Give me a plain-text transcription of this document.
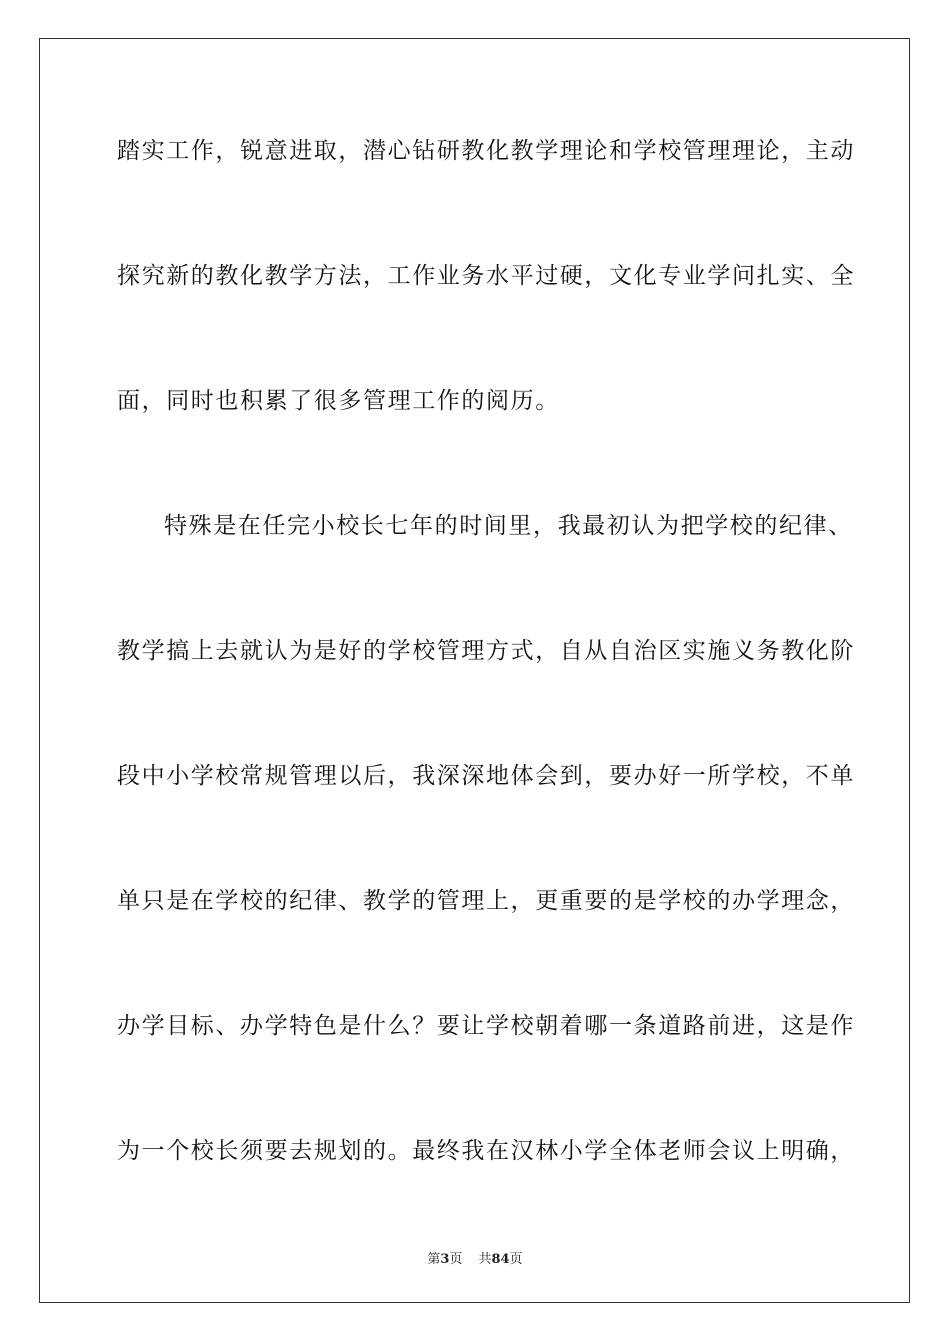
踏实工作，锐意进取，潜心钻研教化教学理论和学校管理理论，主动
探究新的教化教学方法，工作业务水平过硬，文化专业学问扎实、全
面，同时也积累了很多管理工作的阅历。
特殊是在任完小校长七年的时间里，我最初认为把学校的纪律、
教学搞上去就认为是好的学校管理方式，自从自治区实施义务教化阶
段中小学校常规管理以后，我深深地体会到，要办好一所学校，不单
单只是在学校的纪律、教学的管理上，更重要的是学校的办学理念，
办学目标、办学特色是什么？要让学校朝着哪一条道路前进，这是作
为一个校长须要去规划的。最终我在汉林小学全体老师会议上明确，
第3页 共84页
